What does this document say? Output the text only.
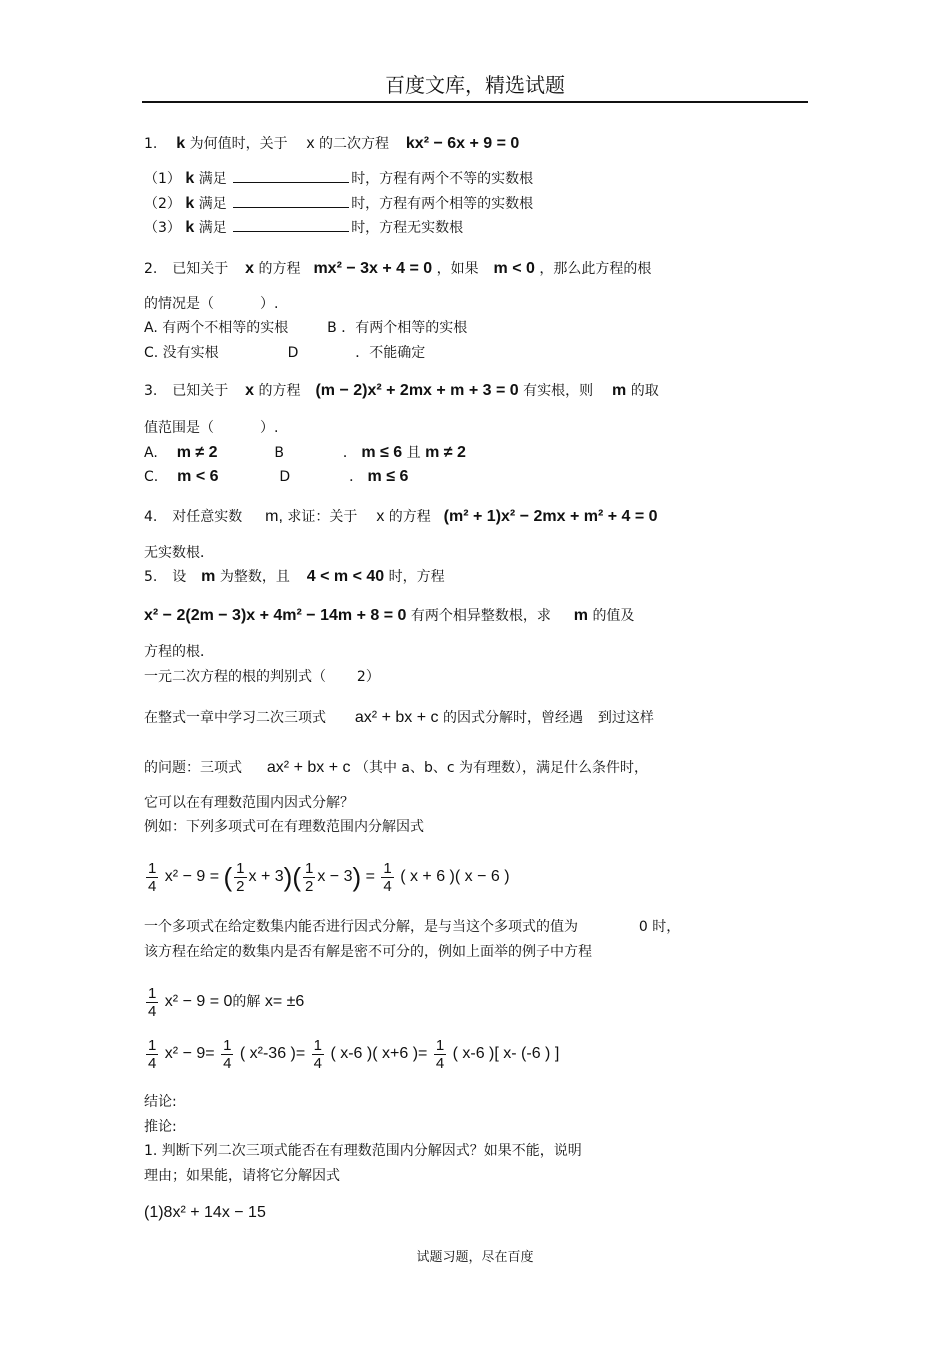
百度文库，精选试题
1. k 为何值时，关于 x 的二次方程 kx² − 6x + 9 = 0
（1） k 满足	时，方程有两个不等的实数根
（2） k 满足	时，方程有两个相等的实数根
（3） k 满足	时，方程无实数根
2. 已知关于 x 的方程 mx² − 3x + 4 = 0 ，如果 m < 0 ，那么此方程的根
的情况是（	）.
A. 有两个不相等的实根	B ．有两个相等的实根
C. 没有实根	D	．不能确定
3. 已知关于 x 的方程 (m − 2)x² + 2mx + m + 3 = 0 有实根，则 m 的取
值范围是（	）.
A. m ≠ 2	B	． m ≤ 6 且 m ≠ 2
C. m < 6	D	． m ≤ 6
4. 对任意实数 m, 求证：关于 x 的方程 (m² + 1)x² − 2mx + m² + 4 = 0
无实数根．
5. 设 m 为整数，且 4 < m < 40 时，方程
x² − 2(2m − 3)x + 4m² − 14m + 8 = 0 有两个相异整数根，求 m 的值及
方程的根．
一元二次方程的根的判别式（ 2）
在整式一章中学习二次三项式 ax² + bx + c 的因式分解时，曾经遇 到过这样
的问题：三项式 ax² + bx + c （其中 a、b、c 为有理数），满足什么条件时，
它可以在有理数范围内因式分解？
例如：下列多项式可在有理数范围内分解因式
$\frac{1}{4} x^2 - 9$ = ( $\frac{1}{2}$ $x + 3)( \frac{1}{2}$ $x - 3) = \frac{1}{4}$ ( x + 6 )( x − 6 )
一个多项式在给定数集内能否进行因式分解，是与当这个多项式的值为	0 时，
该方程在给定的数集内是否有解是密不可分的，例如上面举的例子中方程
$\frac{1}{4} x^2 - 9 = 0$的解 x= ±6
$\frac{1}{4} x^2 - 9= \frac{1}{4}$ ( x²-36 )= $\frac{1}{4}$ ( x-6 )( x+6 )= $\frac{1}{4}$ ( x-6 )[ x- (-6 ) ]
结论:
推论:
1. 判断下列二次三项式能否在有理数范围内分解因式？如果不能，说明
理由；如果能，请将它分解因式
(1)8x² + 14x − 15
试题习题，尽在百度
